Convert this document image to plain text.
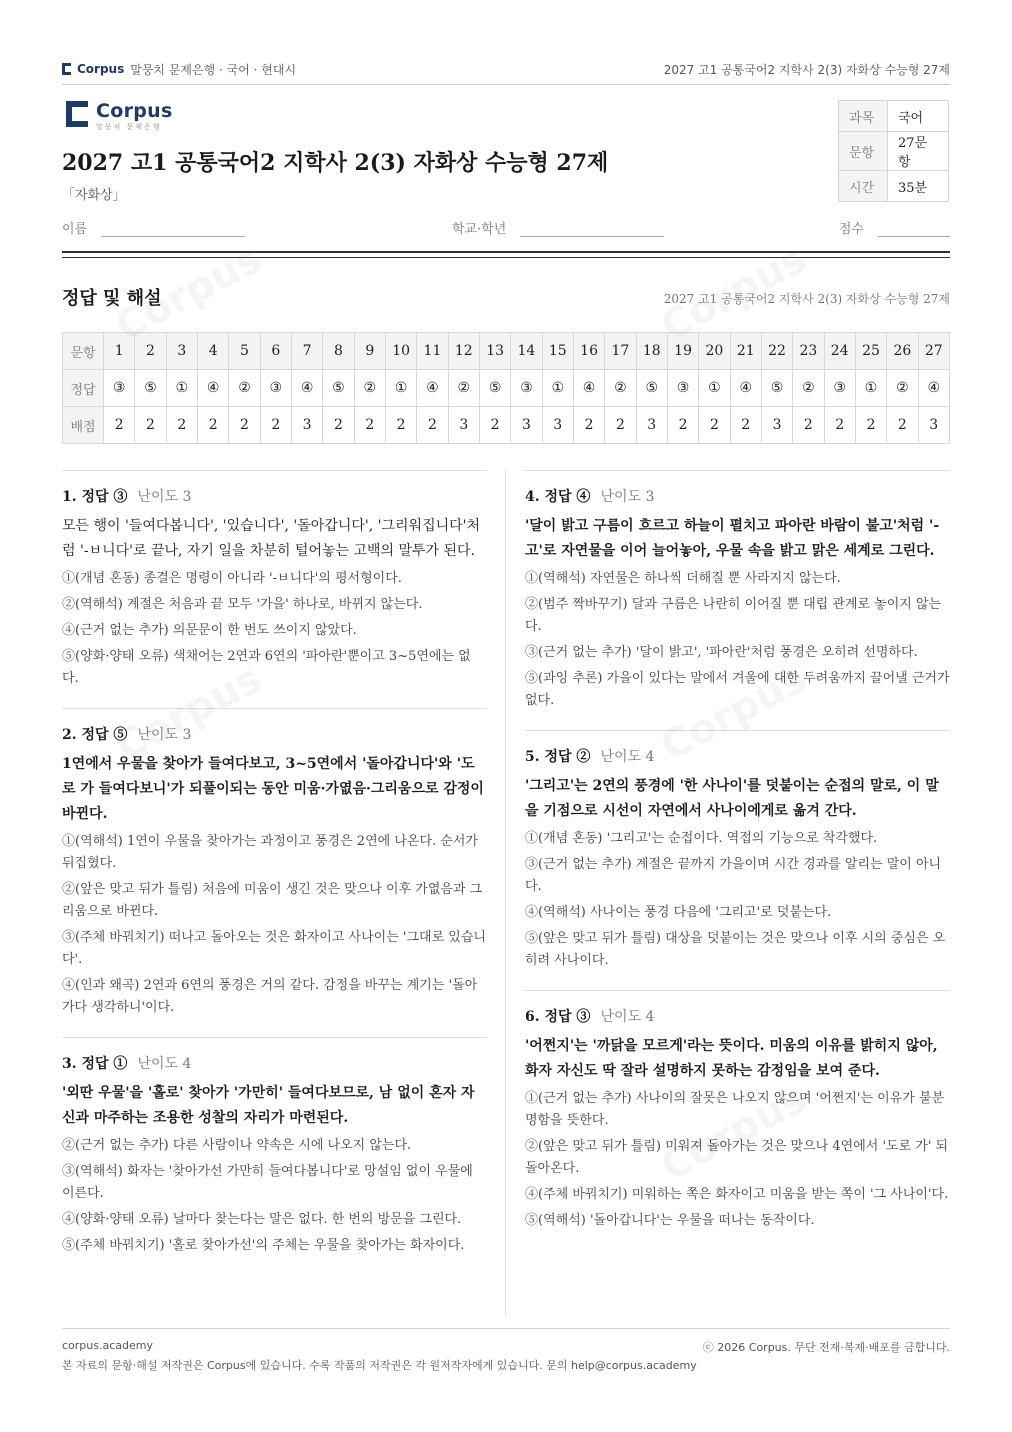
Corpus 말뭉치 문제은행 · 국어 · 현대시	2027 고1 공통국어2 지학사 2(3) 자화상 수능형 27제
Corpus
말뭉치 문제은행
2027 고1 공통국어2 지학사 2(3) 자화상 수능형 27제
「자화상」
과목	국어
문항	27문항
시간	35분
이름	학교·학년	점수
정답 및 해설	2027 고1 공통국어2 지학사 2(3) 자화상 수능형 27제
문항	1	2	3	4	5	6	7	8	9	10	11	12	13	14	15	16	17	18	19	20	21	22	23	24	25	26	27
정답	③	⑤	①	④	②	③	④	⑤	②	①	④	②	⑤	③	①	④	②	⑤	③	①	④	⑤	②	③	①	②	④
배점	2	2	2	2	2	2	3	2	2	2	2	3	2	3	3	2	2	3	2	2	2	3	2	2	2	2	3
1. 정답 ③ 난이도 3
모든 행이 '들여다봅니다', '있습니다', '돌아갑니다', '그리워집니다'처럼 '-ㅂ니다'로 끝나, 자기 일을 차분히 털어놓는 고백의 말투가 된다.
①(개념 혼동) 종결은 명령이 아니라 '-ㅂ니다'의 평서형이다.
②(역해석) 계절은 처음과 끝 모두 '가을' 하나로, 바뀌지 않는다.
④(근거 없는 추가) 의문문이 한 번도 쓰이지 않았다.
⑤(양화·양태 오류) 색채어는 2연과 6연의 '파아란'뿐이고 3~5연에는 없다.
2. 정답 ⑤ 난이도 3
1연에서 우물을 찾아가 들여다보고, 3~5연에서 '돌아갑니다'와 '도로 가 들여다보니'가 되풀이되는 동안 미움·가엾음·그리움으로 감정이 바뀐다.
①(역해석) 1연이 우물을 찾아가는 과정이고 풍경은 2연에 나온다. 순서가 뒤집혔다.
②(앞은 맞고 뒤가 틀림) 처음에 미움이 생긴 것은 맞으나 이후 가엾음과 그리움으로 바뀐다.
③(주체 바꿔치기) 떠나고 돌아오는 것은 화자이고 사나이는 '그대로 있습니다'.
④(인과 왜곡) 2연과 6연의 풍경은 거의 같다. 감정을 바꾸는 계기는 '돌아가다 생각하니'이다.
3. 정답 ① 난이도 4
'외딴 우물'을 '홀로' 찾아가 '가만히' 들여다보므로, 남 없이 혼자 자신과 마주하는 조용한 성찰의 자리가 마련된다.
②(근거 없는 추가) 다른 사람이나 약속은 시에 나오지 않는다.
③(역해석) 화자는 '찾아가선 가만히 들여다봅니다'로 망설임 없이 우물에 이른다.
④(양화·양태 오류) 날마다 찾는다는 말은 없다. 한 번의 방문을 그린다.
⑤(주체 바꿔치기) '홀로 찾아가선'의 주체는 우물을 찾아가는 화자이다.
4. 정답 ④ 난이도 3
'달이 밝고 구름이 흐르고 하늘이 펼치고 파아란 바람이 불고'처럼 '-고'로 자연물을 이어 늘어놓아, 우물 속을 밝고 맑은 세계로 그린다.
①(역해석) 자연물은 하나씩 더해질 뿐 사라지지 않는다.
②(범주 짝바꾸기) 달과 구름은 나란히 이어질 뿐 대립 관계로 놓이지 않는다.
③(근거 없는 추가) '달이 밝고', '파아란'처럼 풍경은 오히려 선명하다.
⑤(과잉 추론) 가을이 있다는 말에서 겨울에 대한 두려움까지 끌어낼 근거가 없다.
5. 정답 ② 난이도 4
'그리고'는 2연의 풍경에 '한 사나이'를 덧붙이는 순접의 말로, 이 말을 기점으로 시선이 자연에서 사나이에게로 옮겨 간다.
①(개념 혼동) '그리고'는 순접이다. 역접의 기능으로 착각했다.
③(근거 없는 추가) 계절은 끝까지 가을이며 시간 경과를 알리는 말이 아니다.
④(역해석) 사나이는 풍경 다음에 '그리고'로 덧붙는다.
⑤(앞은 맞고 뒤가 틀림) 대상을 덧붙이는 것은 맞으나 이후 시의 중심은 오히려 사나이다.
6. 정답 ③ 난이도 4
'어쩐지'는 '까닭을 모르게'라는 뜻이다. 미움의 이유를 밝히지 않아, 화자 자신도 딱 잘라 설명하지 못하는 감정임을 보여 준다.
①(근거 없는 추가) 사나이의 잘못은 나오지 않으며 '어쩐지'는 이유가 불분명함을 뜻한다.
②(앞은 맞고 뒤가 틀림) 미워져 돌아가는 것은 맞으나 4연에서 '도로 가' 되돌아온다.
④(주체 바꿔치기) 미워하는 쪽은 화자이고 미움을 받는 쪽이 '그 사나이'다.
⑤(역해석) '돌아갑니다'는 우물을 떠나는 동작이다.
corpus.academy	ⓒ 2026 Corpus. 무단 전재·복제·배포를 금합니다.
본 자료의 문항·해설 저작권은 Corpus에 있습니다. 수록 작품의 저작권은 각 원저작자에게 있습니다. 문의 help@corpus.academy
